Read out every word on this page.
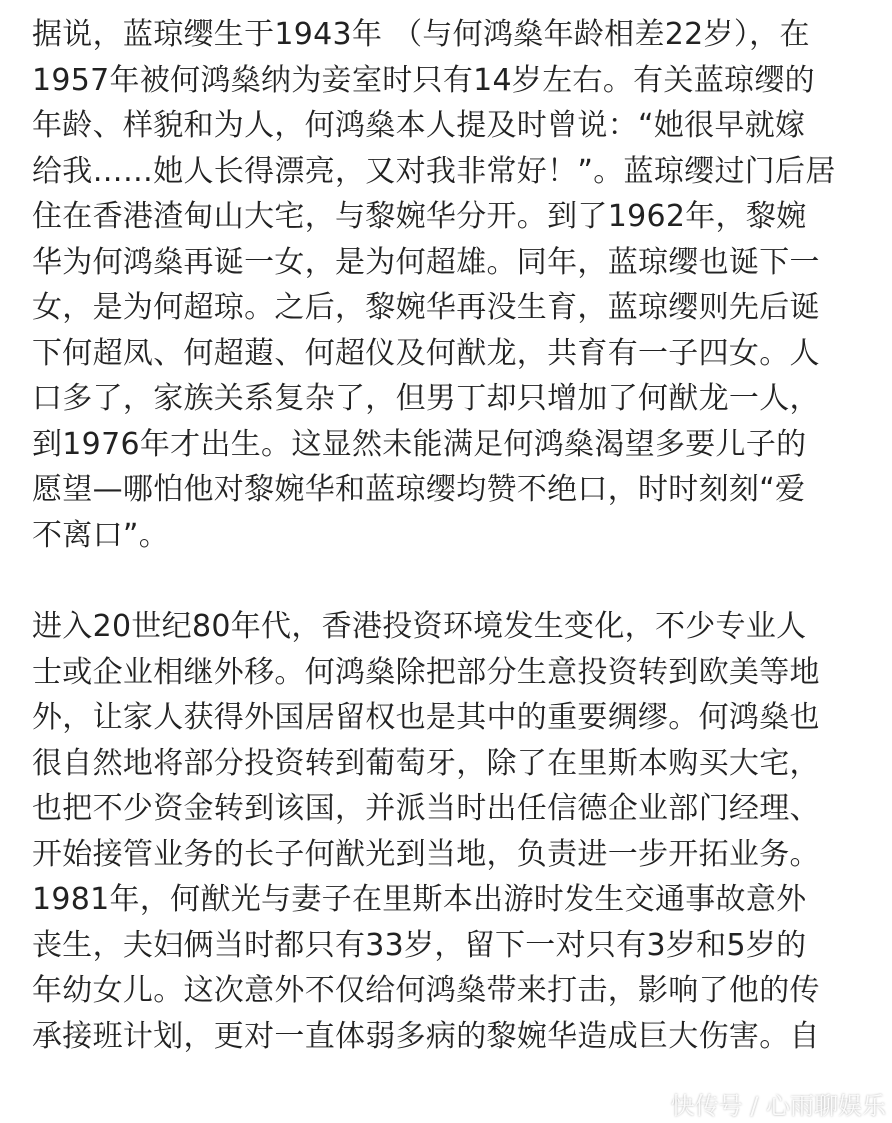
据说，蓝琼缨生于1943年 （与何鸿燊年龄相差22岁），在
1957年被何鸿燊纳为妾室时只有14岁左右。有关蓝琼缨的
年龄、样貌和为人，何鸿燊本人提及时曾说：“她很早就嫁
给我……她人长得漂亮，又对我非常好！”。蓝琼缨过门后居
住在香港渣甸山大宅，与黎婉华分开。到了1962年，黎婉
华为何鸿燊再诞一女，是为何超雄。同年，蓝琼缨也诞下一
女，是为何超琼。之后，黎婉华再没生育，蓝琼缨则先后诞
下何超凤、何超蕸、何超仪及何猷龙，共育有一子四女。人
口多了，家族关系复杂了，但男丁却只增加了何猷龙一人，
到1976年才出生。这显然未能满足何鸿燊渴望多要儿子的
愿望—哪怕他对黎婉华和蓝琼缨均赞不绝口，时时刻刻“爱
不离口”。
进入20世纪80年代，香港投资环境发生变化，不少专业人
士或企业相继外移。何鸿燊除把部分生意投资转到欧美等地
外，让家人获得外国居留权也是其中的重要绸缪。何鸿燊也
很自然地将部分投资转到葡萄牙，除了在里斯本购买大宅，
也把不少资金转到该国，并派当时出任信德企业部门经理、
开始接管业务的长子何猷光到当地，负责进一步开拓业务。
1981年，何猷光与妻子在里斯本出游时发生交通事故意外
丧生，夫妇俩当时都只有33岁，留下一对只有3岁和5岁的
年幼女儿。这次意外不仅给何鸿燊带来打击，影响了他的传
承接班计划，更对一直体弱多病的黎婉华造成巨大伤害。自
快传号 / 心雨聊娱乐
